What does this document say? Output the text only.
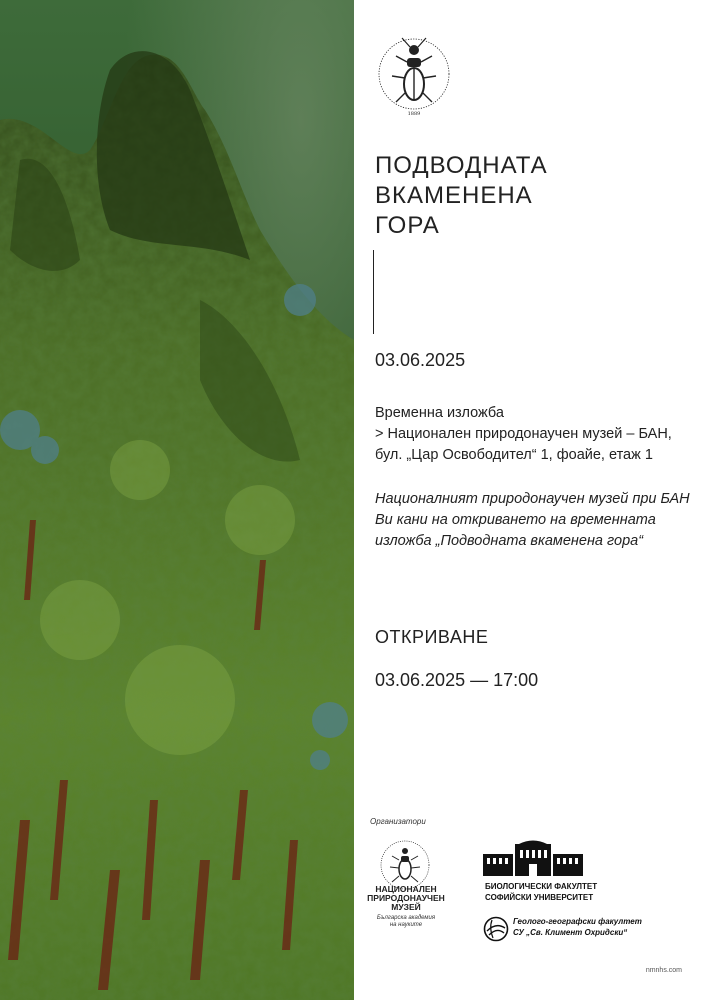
1889
ПОДВОДНАТА
ВКАМЕНЕНА
ГОРА
03.06.2025
Временна изложба
> Национален природонаучен музей – БАН,
бул. „Цар Освободител“ 1, фоайе, етаж 1
Националният природонаучен музей при БАН
Ви кани на откриването на временната
изложба „Подводната вкаменена гора“
ОТКРИВАНЕ
03.06.2025 — 17:00
Организатори
НАЦИОНАЛЕН
ПРИРОДОНАУЧЕН
МУЗЕЙ
Българска академия
на науките
БИОЛОГИЧЕСКИ ФАКУЛТЕТ
СОФИЙСКИ УНИВЕРСИТЕТ
Геолого-географски факултет
СУ „Св. Климент Охридски“
nmnhs.com
